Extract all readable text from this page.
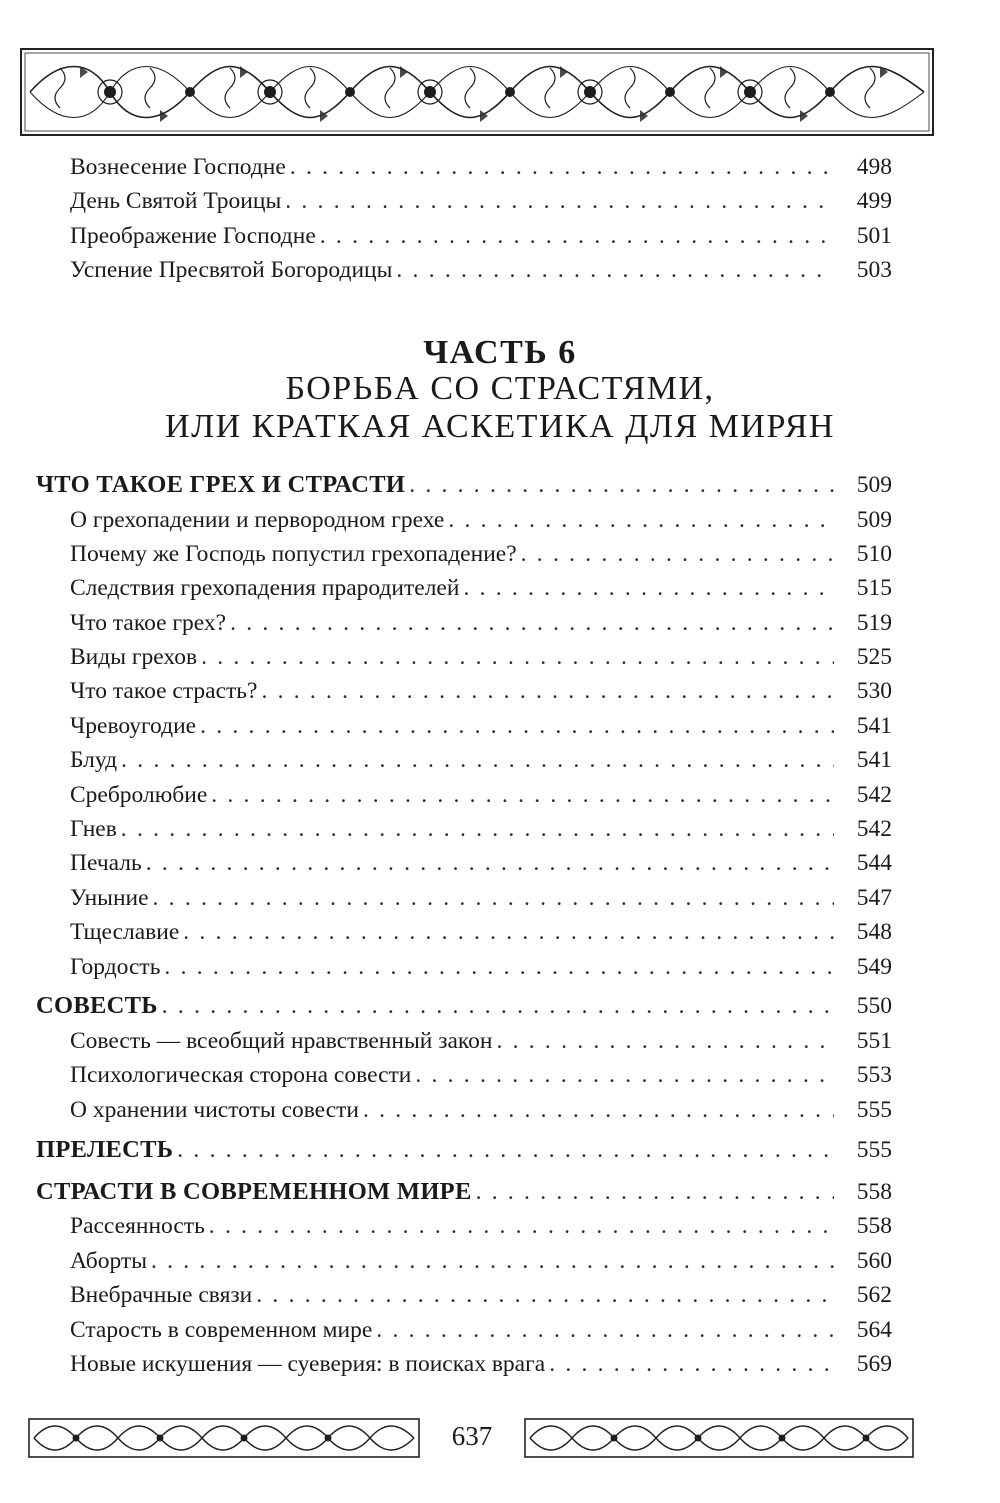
Вознесение Господне . . .	498
День Святой Троицы . . .	499
Преображение Господне . . .	501
Успение Пресвятой Богородицы . . .	503
ЧАСТЬ 6
БОРЬБА СО СТРАСТЯМИ,
ИЛИ КРАТКАЯ АСКЕТИКА ДЛЯ МИРЯН
ЧТО ТАКОЕ ГРЕХ И СТРАСТИ . . .	509
О грехопадении и первородном грехе . . .	509
Почему же Господь попустил грехопадение? . . .	510
Следствия грехопадения прародителей . . .	515
Что такое грех? . . .	519
Виды грехов . . .	525
Что такое страсть? . . .	530
Чревоугодие . . .	541
Блуд . . .	541
Сребролюбие . . .	542
Гнев . . .	542
Печаль . . .	544
Уныние . . .	547
Тщеславие . . .	548
Гордость . . .	549
СОВЕСТЬ . . .	550
Совесть — всеобщий нравственный закон . . .	551
Психологическая сторона совести . . .	553
О хранении чистоты совести . . .	555
ПРЕЛЕСТЬ . . .	555
СТРАСТИ В СОВРЕМЕННОМ МИРЕ . . .	558
Рассеянность . . .	558
Аборты . . .	560
Внебрачные связи . . .	562
Старость в современном мире . . .	564
Новые искушения — суеверия: в поисках врага . . .	569
637
